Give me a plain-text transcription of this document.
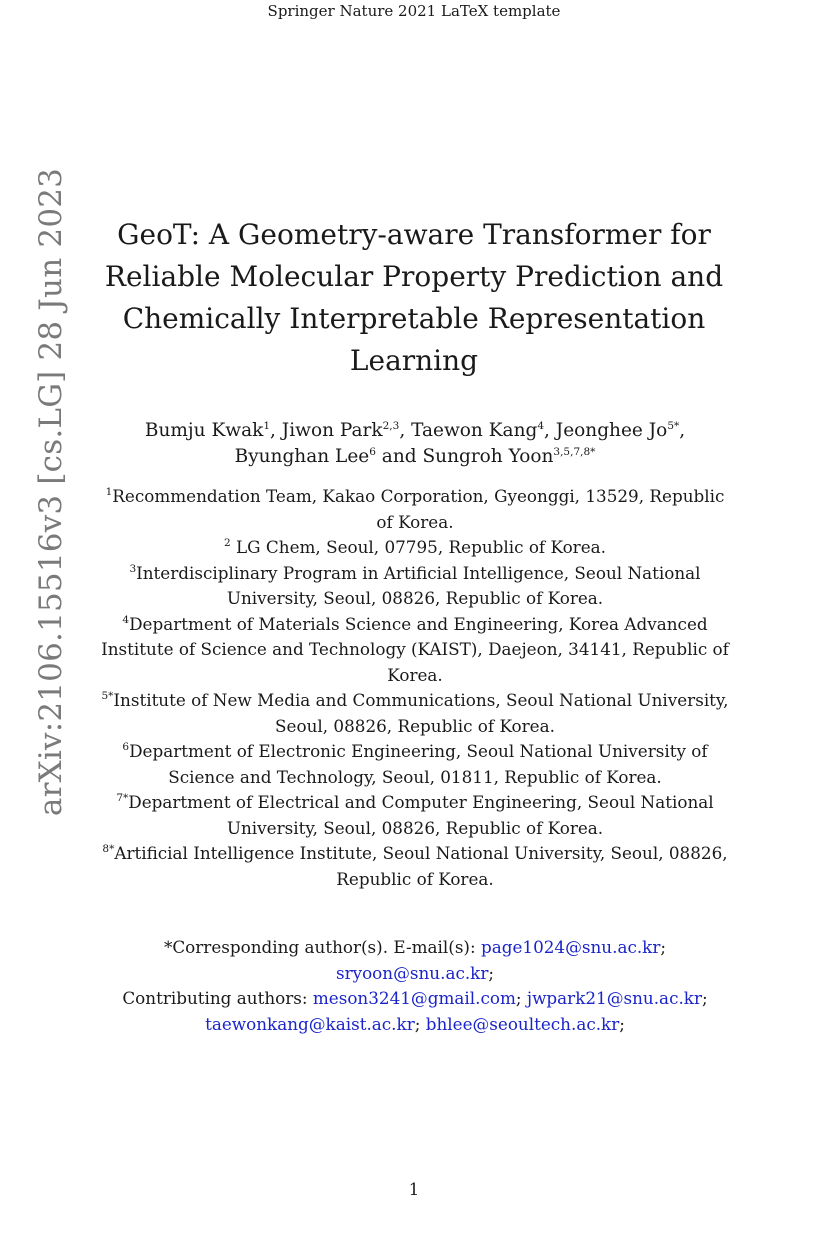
Springer Nature 2021 LaTeX template
arXiv:2106.15516v3 [cs.LG] 28 Jun 2023	GeoT: A Geometry-aware Transformer for
Reliable Molecular Property Prediction and
Chemically Interpretable Representation
Learning
Bumju Kwak$^1$, Jiwon Park$^{2,3}$, Taewon Kang$^4$, Jeonghee $Jo^{5*}$, Byunghan Lee$^6$ and Sungroh Yoon$^{3,5,7,8*}$
$^1$Recommendation Team, Kakao Corporation, Gyeonggi, 13529, Republic of Korea.
$^2$ LG Chem, Seoul, 07795, Republic of Korea.
$^3$Interdisciplinary Program in Artificial Intelligence, Seoul National University, Seoul, 08826, Republic of Korea.
$^4$Department of Materials Science and Engineering, Korea Advanced Institute of Science and Technology (KAIST), Daejeon, 34141, Republic of Korea.
$^{5*}$Institute of New Media and Communications, Seoul National University, Seoul, 08826, Republic of Korea.
$^6$Department of Electronic Engineering, Seoul National University of Science and Technology, Seoul, 01811, Republic of Korea.
$^{7*}$Department of Electrical and Computer Engineering, Seoul National University, Seoul, 08826, Republic of Korea.
$^{8*}$Artificial Intelligence Institute, Seoul National University, Seoul, 08826, Republic of Korea.
*Corresponding author(s). E-mail(s): page1024@snu.ac.kr; sryoon@snu.ac.kr;
Contributing authors: meson3241@gmail.com; jwpark21@snu.ac.kr; taewonkang@kaist.ac.kr; bhlee@seoultech.ac.kr;
1
